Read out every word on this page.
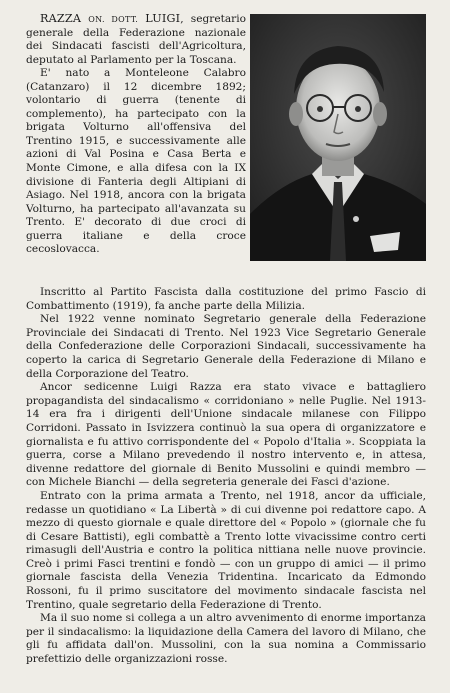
RAZZA ON. DOTT. LUIGI, segretario generale della Federazione nazionale dei Sindacati fascisti dell'Agricoltura, deputato al Parlamento per la Toscana.

E' nato a Monteleone Calabro (Catanzaro) il 12 dicembre 1892; volontario di guerra (tenente di complemento), ha partecipato con la brigata Volturno all'offensiva del Trentino 1915, e successivamente alle azioni di Val Posina e Casa Berta e Monte Cimone, e alla difesa con la IX divisione di Fanteria degli Altipiani di Asiago. Nel 1918, ancora con la brigata Volturno, ha partecipato all'avanzata su Trento. E' decorato di due croci di guerra italiane e della croce cecoslovacca.

Inscritto al Partito Fascista dalla costituzione del primo Fascio di Combattimento (1919), fa anche parte della Milizia.

Nel 1922 venne nominato Segretario generale della Federazione Provinciale dei Sindacati di Trento. Nel 1923 Vice Segretario Generale della Confederazione delle Corporazioni Sindacali, successivamente ha coperto la carica di Segretario Generale della Federazione di Milano e della Corporazione del Teatro.

Ancor sedicenne Luigi Razza era stato vivace e battagliero propagandista del sindacalismo « corridoniano » nelle Puglie. Nel 1913-14 era fra i dirigenti dell'Unione sindacale milanese con Filippo Corridoni. Passato in Isvizzera continuò la sua opera di organizzatore e giornalista e fu attivo corrispondente del « Popolo d'Italia ». Scoppiata la guerra, corse a Milano prevedendo il nostro intervento e, in attesa, divenne redattore del giornale di Benito Mussolini e quindi membro — con Michele Bianchi — della segreteria generale dei Fasci d'azione.

Entrato con la prima armata a Trento, nel 1918, ancor da ufficiale, redasse un quotidiano « La Libertà » di cui divenne poi redattore capo. A mezzo di questo giornale e quale direttore del « Popolo » (giornale che fu di Cesare Battisti), egli combattè a Trento lotte vivacissime contro certi rimasugli dell'Austria e contro la politica nittiana nelle nuove provincie. Creò i primi Fasci trentini e fondò — con un gruppo di amici — il primo giornale fascista della Venezia Tridentina. Incaricato da Edmondo Rossoni, fu il primo suscitatore del movimento sindacale fascista nel Trentino, quale segretario della Federazione di Trento.

Ma il suo nome si collega a un altro avvenimento di enorme importanza per il sindacalismo: la liquidazione della Camera del lavoro di Milano, che gli fu affidata dall'on. Mussolini, con la sua nomina a Commissario prefettizio delle organizzazioni rosse.
